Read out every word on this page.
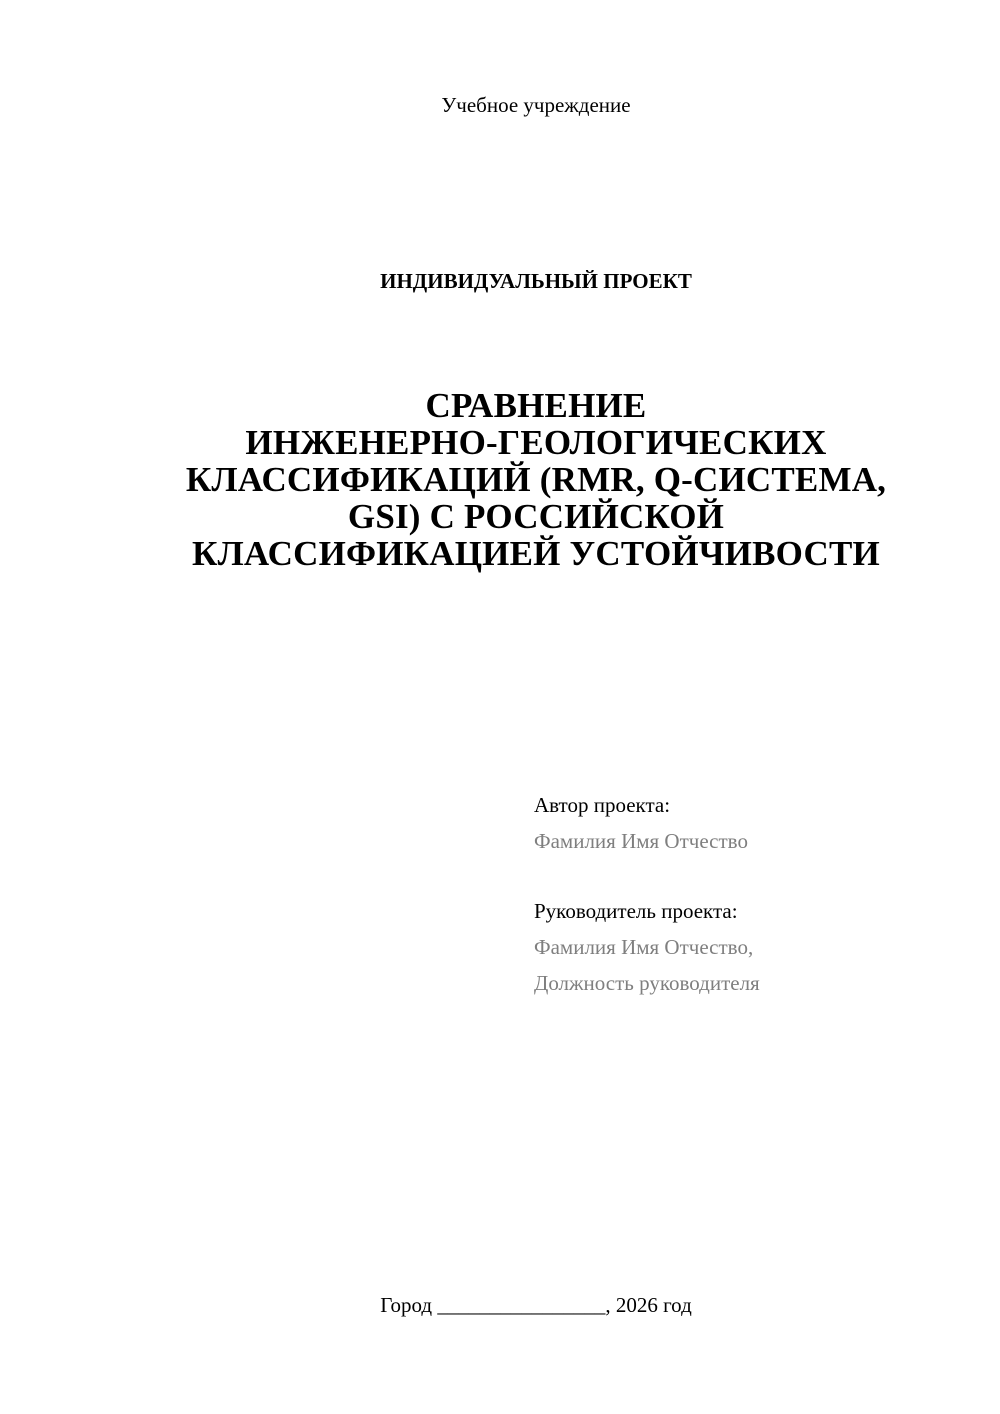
Учебное учреждение
ИНДИВИДУАЛЬНЫЙ ПРОЕКТ
СРАВНЕНИЕ
ИНЖЕНЕРНО-ГЕОЛОГИЧЕСКИХ
КЛАССИФИКАЦИЙ (RMR, Q-СИСТЕМА,
GSI) С РОССИЙСКОЙ
КЛАССИФИКАЦИЕЙ УСТОЙЧИВОСТИ
Автор проекта:
Фамилия Имя Отчество
Руководитель проекта:
Фамилия Имя Отчество,
Должность руководителя
Город ________________, 2026 год
